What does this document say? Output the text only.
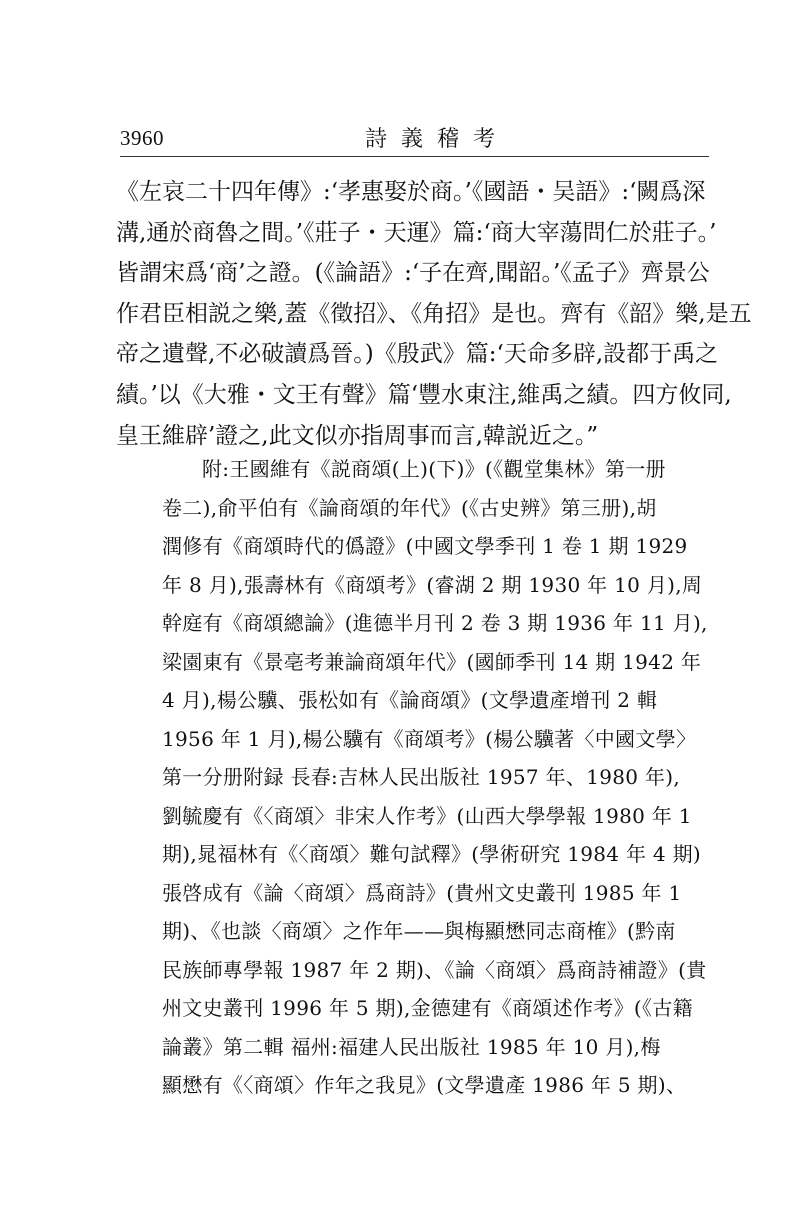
3960	詩義稽考
《左哀二十四年傳》:‘孝惠娶於商。’《國語・吴語》:‘闕爲深
溝,通於商魯之間。’《莊子・天運》篇:‘商大宰蕩問仁於莊子。’
皆謂宋爲‘商’之證。(《論語》:‘子在齊,聞韶。’《孟子》齊景公
作君臣相説之樂,蓋《徵招》、《角招》是也。齊有《韶》樂,是五
帝之遺聲,不必破讀爲晉。)《殷武》篇:‘天命多辟,設都于禹之
績。’以《大雅・文王有聲》篇‘豐水東注,維禹之績。四方攸同,
皇王維辟’證之,此文似亦指周事而言,韓説近之。”
附:王國維有《説商頌(上)(下)》(《觀堂集林》第一册
卷二),俞平伯有《論商頌的年代》(《古史辨》第三册),胡
潤修有《商頌時代的僞證》(中國文學季刊 1 卷 1 期 1929
年 8 月),張壽林有《商頌考》(睿湖 2 期 1930 年 10 月),周
幹庭有《商頌總論》(進德半月刊 2 卷 3 期 1936 年 11 月),
梁園東有《景亳考兼論商頌年代》(國師季刊 14 期 1942 年
4 月),楊公驥、張松如有《論商頌》(文學遺產增刊 2 輯
1956 年 1 月),楊公驥有《商頌考》(楊公驥著〈中國文學〉
第一分册附録 長春:吉林人民出版社 1957 年、1980 年),
劉毓慶有《〈商頌〉非宋人作考》(山西大學學報 1980 年 1
期),晁福林有《〈商頌〉難句試釋》(學術研究 1984 年 4 期)
張啓成有《論〈商頌〉爲商詩》(貴州文史叢刊 1985 年 1
期)、《也談〈商頌〉之作年——與梅顯懋同志商榷》(黔南
民族師專學報 1987 年 2 期)、《論〈商頌〉爲商詩補證》(貴
州文史叢刊 1996 年 5 期),金德建有《商頌述作考》(《古籍
論叢》第二輯 福州:福建人民出版社 1985 年 10 月),梅
顯懋有《〈商頌〉作年之我見》(文學遺產 1986 年 5 期)、
